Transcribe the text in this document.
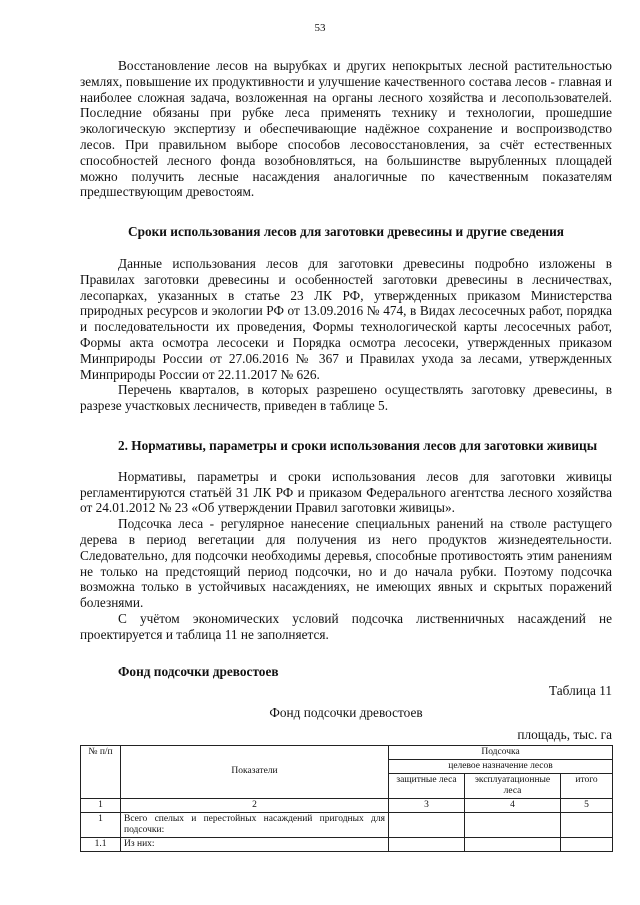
53

Восстановление лесов на вырубках и других непокрытых лесной растительностью землях, повышение их продуктивности и улучшение качественного состава лесов - главная и наиболее сложная задача, возложенная на органы лесного хозяйства и лесопользователей. Последние обязаны при рубке леса применять технику и технологии, прошедшие экологическую экспертизу и обеспечивающие надёжное сохранение и воспроизводство лесов. При правильном выборе способов лесовосстановления, за счёт естественных способностей лесного фонда возобновляться, на большинстве вырубленных площадей можно получить лесные насаждения аналогичные по качественным показателям предшествующим древостоям.

Сроки использования лесов для заготовки древесины и другие сведения

Данные использования лесов для заготовки древесины подробно изложены в Правилах заготовки древесины и особенностей заготовки древесины в лесничествах, лесопарках, указанных в статье 23 ЛК РФ, утвержденных приказом Министерства природных ресурсов и экологии РФ от 13.09.2016 № 474, в Видах лесосечных работ, порядка и последовательности их проведения, Формы технологической карты лесосечных работ, Формы акта осмотра лесосеки и Порядка осмотра лесосеки, утвержденных приказом Минприроды России от 27.06.2016 № 367 и Правилах ухода за лесами, утвержденных Минприроды России от 22.11.2017 № 626.

Перечень кварталов, в которых разрешено осуществлять заготовку древесины, в разрезе участковых лесничеств, приведен в таблице 5.

2. Нормативы, параметры и сроки использования лесов для заготовки живицы

Нормативы, параметры и сроки использования лесов для заготовки живицы регламентируются статьёй 31 ЛК РФ и приказом Федерального агентства лесного хозяйства от 24.01.2012 № 23 «Об утверждении Правил заготовки живицы».

Подсочка леса - регулярное нанесение специальных ранений на стволе растущего дерева в период вегетации для получения из него продуктов жизнедеятельности. Следовательно, для подсочки необходимы деревья, способные противостоять этим ранениям не только на предстоящий период подсочки, но и до начала рубки. Поэтому подсочка возможна только в устойчивых насаждениях, не имеющих явных и скрытых поражений болезнями.

С учётом экономических условий подсочка лиственничных насаждений не проектируется и таблица 11 не заполняется.

Фонд подсочки древостоев
Таблица 11
Фонд подсочки древостоев
площадь, тыс. га
№ п/п	Показатели	Подсочка		
		целевое назначение лесов		
		защитные леса	эксплуатационные леса	итого
1	2	3	4	5
1	Всего спелых и перестойных насаждений пригодных для подсочки:			
1.1	Из них:			
